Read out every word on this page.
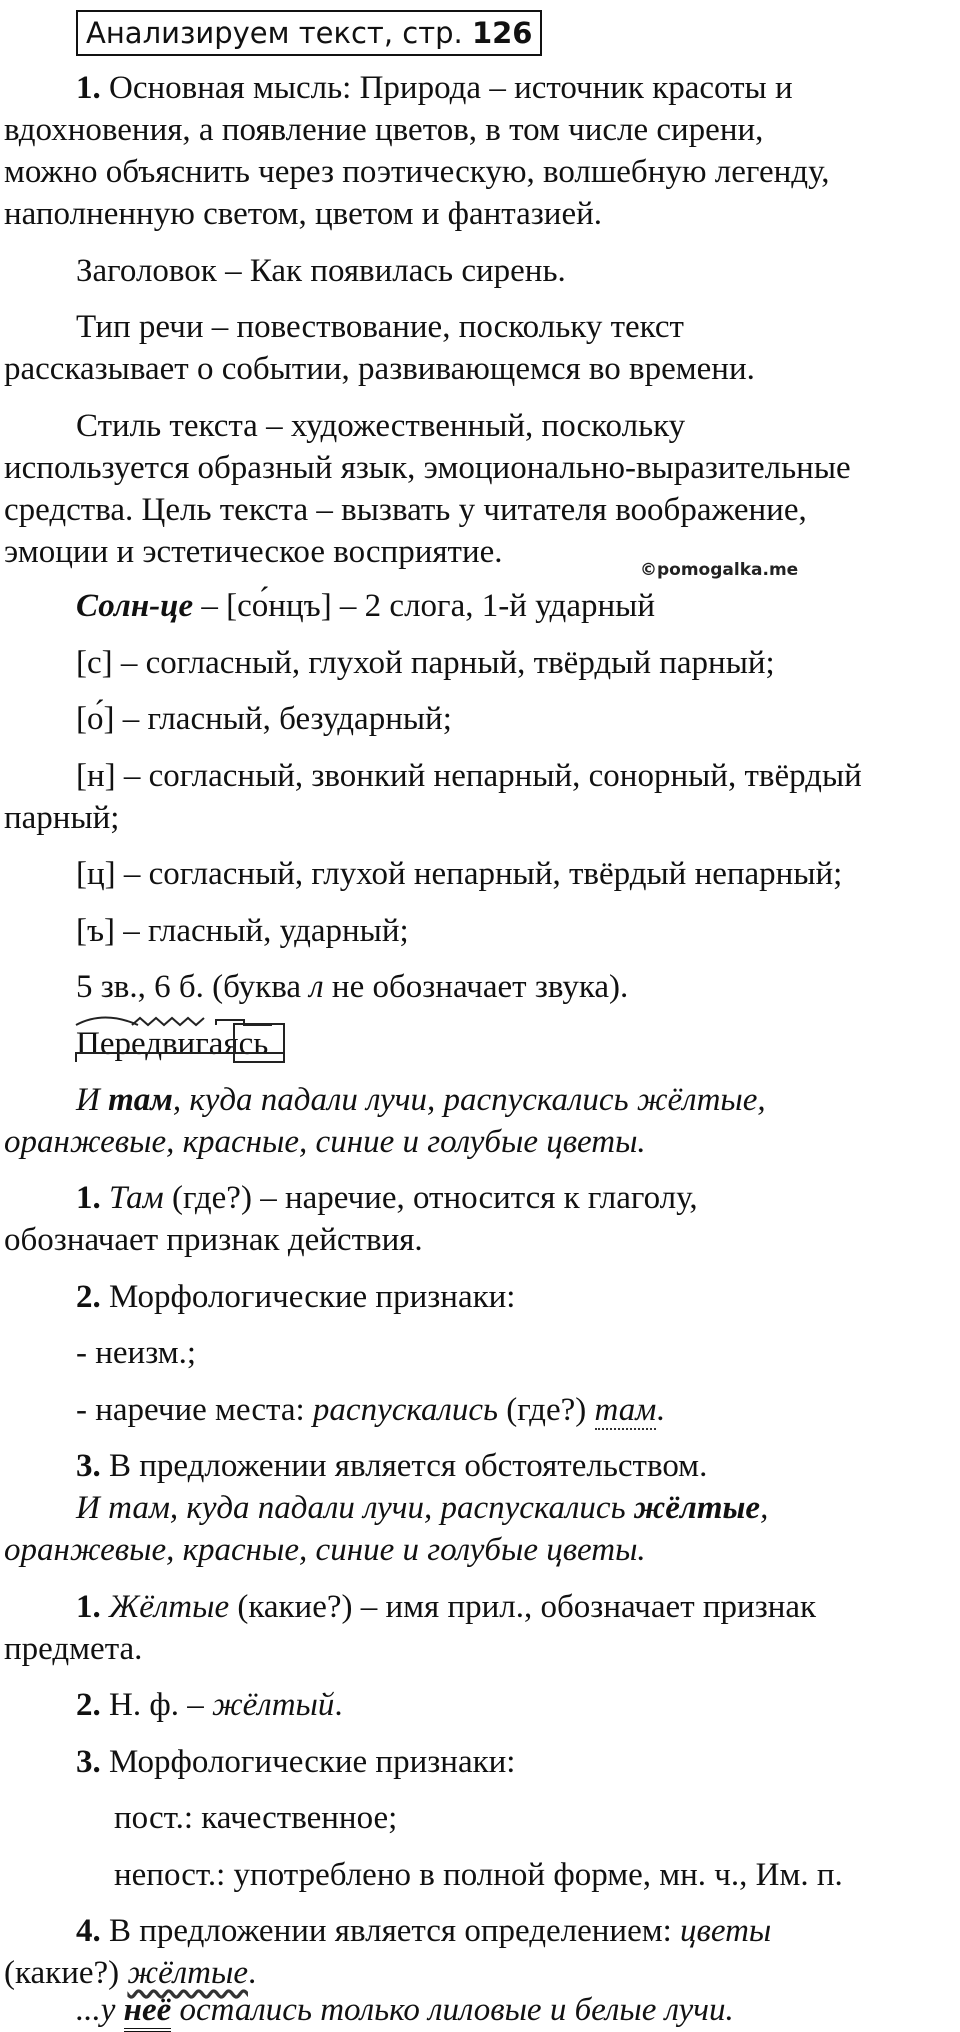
Анализируем текст, стр. 126
1. Основная мысль: Природа – источник красоты и
вдохновения, а появление цветов, в том числе сирени,
можно объяснить через поэтическую, волшебную легенду,
наполненную светом, цветом и фантазией.
Заголовок – Как появилась сирень.
Тип речи – повествование, поскольку текст
рассказывает о событии, развивающемся во времени.
Стиль текста – художественный, поскольку
используется образный язык, эмоционально-выразительные
средства. Цель текста – вызвать у читателя воображение,
эмоции и эстетическое восприятие.	©pomogalka.me
Солн-це – [со́нцъ] – 2 слога, 1-й ударный
[с] – согласный, глухой парный, твёрдый парный;
[о́] – гласный, безударный;
[н] – согласный, звонкий непарный, сонорный, твёрдый
парный;
[ц] – согласный, глухой непарный, твёрдый непарный;
[ъ] – гласный, ударный;
5 зв., 6 б. (буква л не обозначает звука).
Передвигаясь
И там, куда падали лучи, распускались жёлтые,
оранжевые, красные, синие и голубые цветы.
1. Там (где?) – наречие, относится к глаголу,
обозначает признак действия.
2. Морфологические признаки:
- неизм.;
- наречие места: распускались (где?) там.
3. В предложении является обстоятельством.
И там, куда падали лучи, распускались жёлтые,
оранжевые, красные, синие и голубые цветы.
1. Жёлтые (какие?) – имя прил., обозначает признак
предмета.
2. Н. ф. – жёлтый.
3. Морфологические признаки:
пост.: качественное;
непост.: употреблено в полной форме, мн. ч., Им. п.
4. В предложении является определением: цветы
(какие?) жёлтые.
...у неё остались только лиловые и белые лучи.
